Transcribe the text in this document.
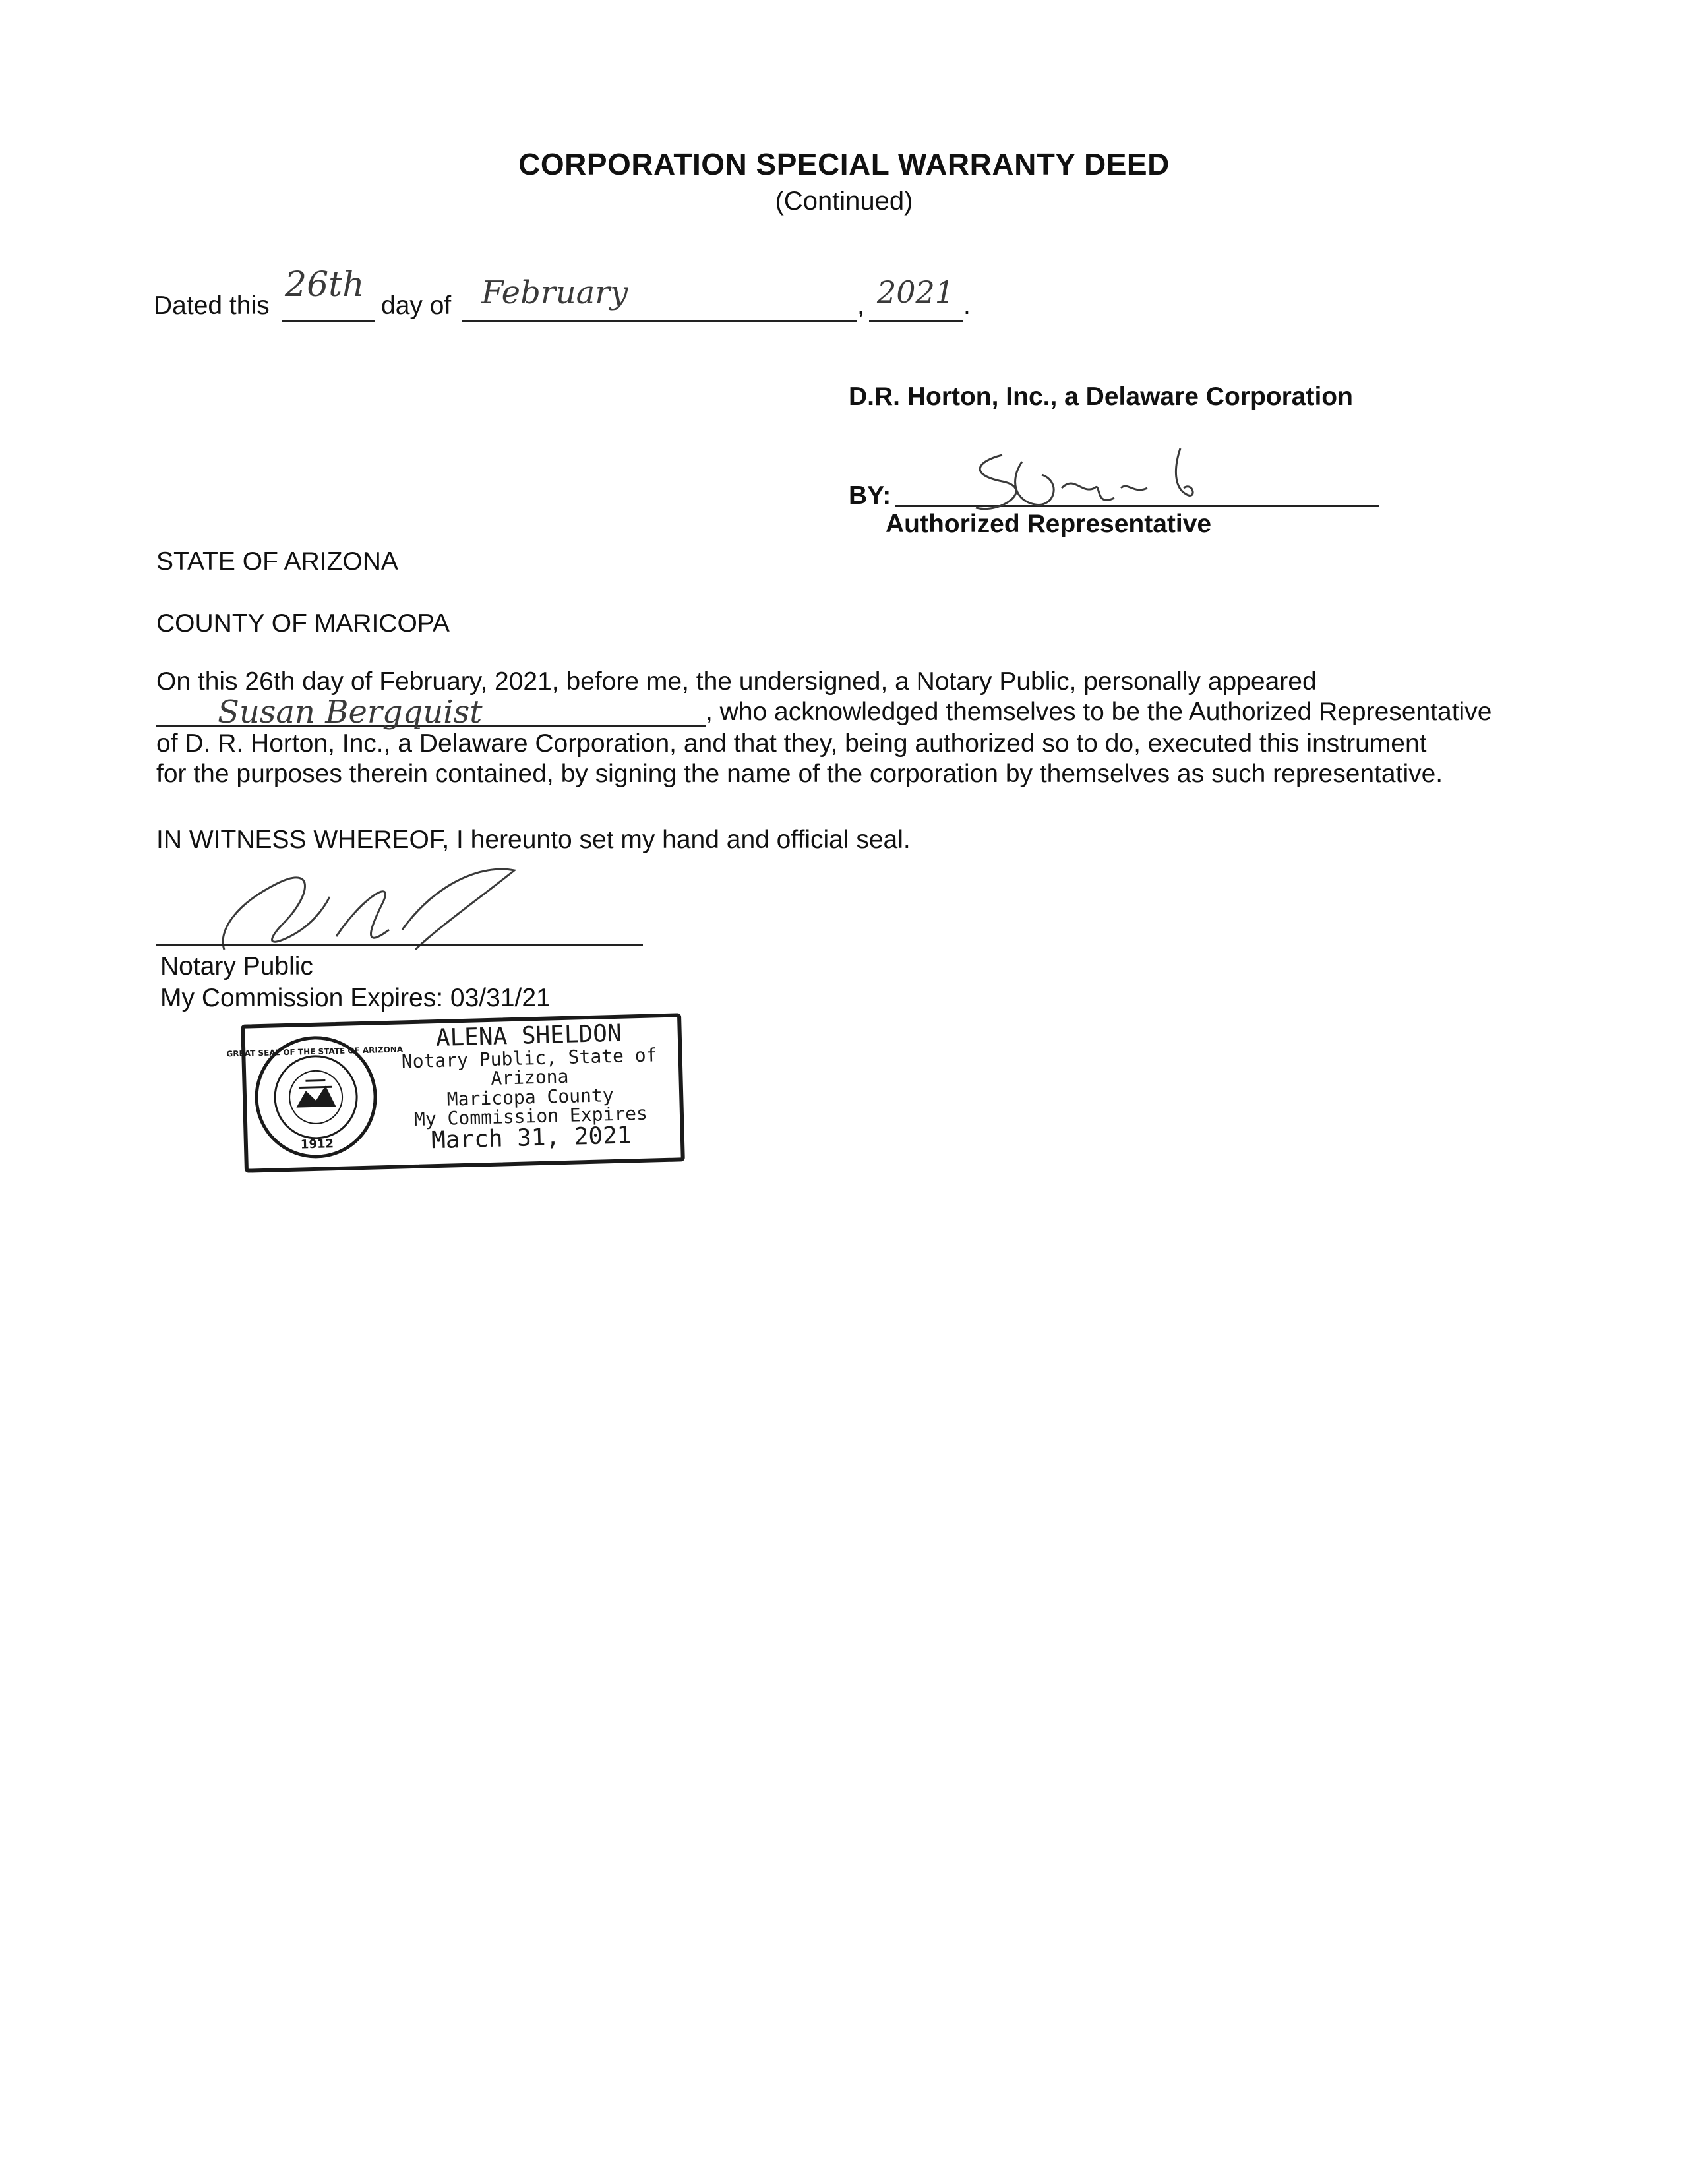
CORPORATION SPECIAL WARRANTY DEED
(Continued)
Dated this
26th
day of February	, 2021 .
D.R. Horton, Inc., a Delaware Corporation
BY:
Authorized Representative
STATE OF ARIZONA
COUNTY OF MARICOPA
On this 26th day of February, 2021, before me, the undersigned, a Notary Public, personally appeared
Susan Bergquist	, who acknowledged themselves to be the Authorized Representative
of D. R. Horton, Inc., a Delaware Corporation, and that they, being authorized so to do, executed this instrument
for the purposes therein contained, by signing the name of the corporation by themselves as such representative.
IN WITNESS WHEREOF, I hereunto set my hand and official seal.
Notary Public
My Commission Expires: 03/31/21
1912
GREAT SEAL OF THE STATE OF ARIZONA	ALENA SHELDON
Notary Public, State of Arizona
Maricopa County
My Commission Expires
March 31, 2021
